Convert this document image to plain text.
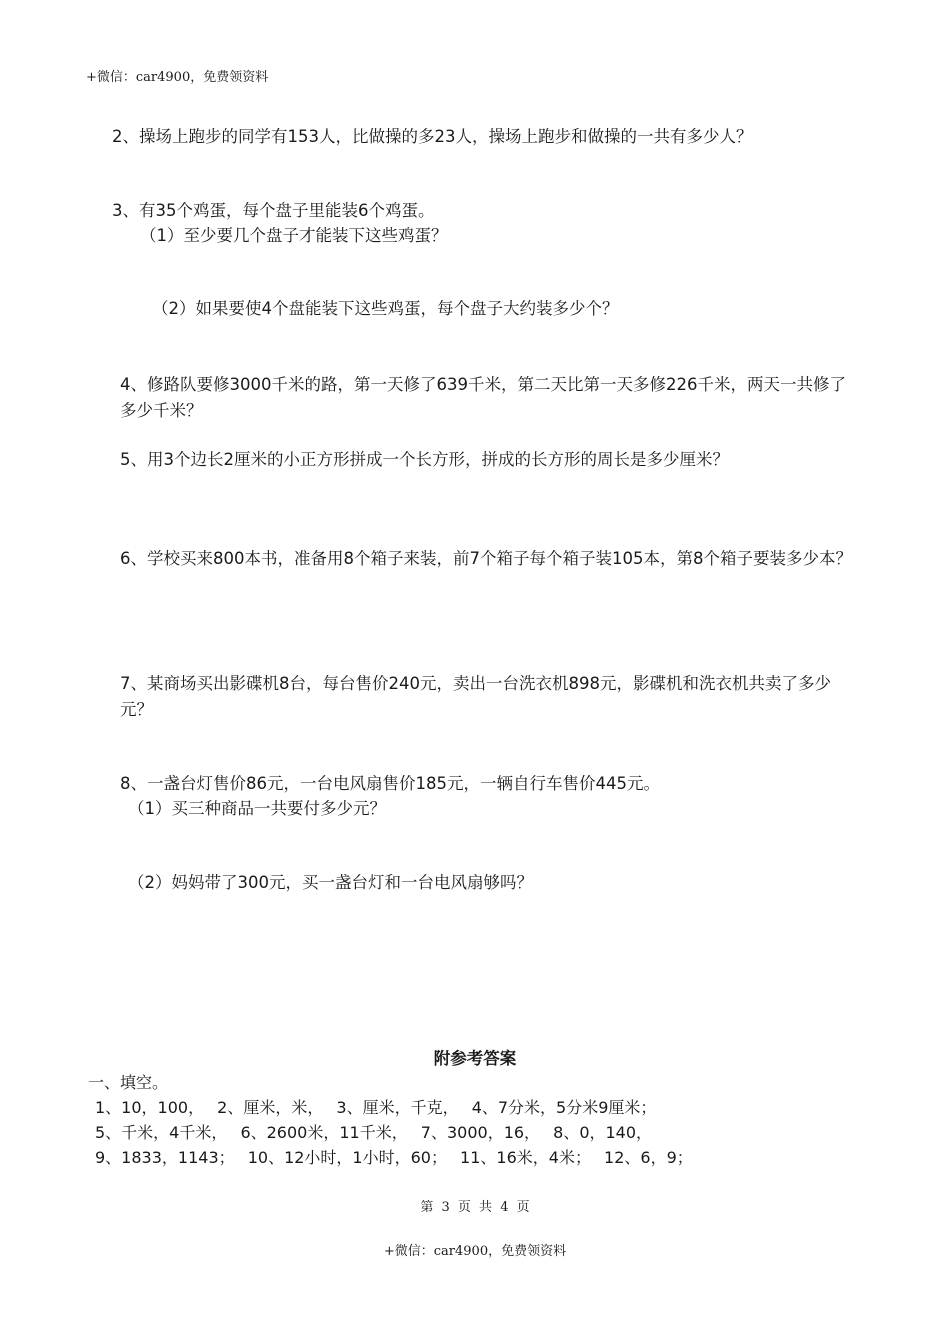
+微信：car4900，免费领资料
2、操场上跑步的同学有153人，比做操的多23人，操场上跑步和做操的一共有多少人？
3、有35个鸡蛋，每个盘子里能装6个鸡蛋。
（1）至少要几个盘子才能装下这些鸡蛋？
（2）如果要使4个盘能装下这些鸡蛋，每个盘子大约装多少个？
4、修路队要修3000千米的路，第一天修了639千米，第二天比第一天多修226千米，两天一共修了多少千米？
5、用3个边长2厘米的小正方形拼成一个长方形，拼成的长方形的周长是多少厘米？
6、学校买来800本书，准备用8个箱子来装，前7个箱子每个箱子装105本，第8个箱子要装多少本？
7、某商场买出影碟机8台，每台售价240元，卖出一台洗衣机898元，影碟机和洗衣机共卖了多少元？
8、一盏台灯售价86元，一台电风扇售价185元，一辆自行车售价445元。
（1）买三种商品一共要付多少元？
（2）妈妈带了300元，买一盏台灯和一台电风扇够吗？
附参考答案
一、填空。
1、10，100，　 2、厘米，米，　 3、厘米，千克，　 4、7分米，5分米9厘米；
5、千米，4千米，　 6、2600米，11千米，　 7、3000，16，　 8、0，140，
9、1833，1143；　 10、12小时，1小时，60；　 11、16米，4米；　 12、6，9；
第 3 页 共 4 页
+微信：car4900，免费领资料
